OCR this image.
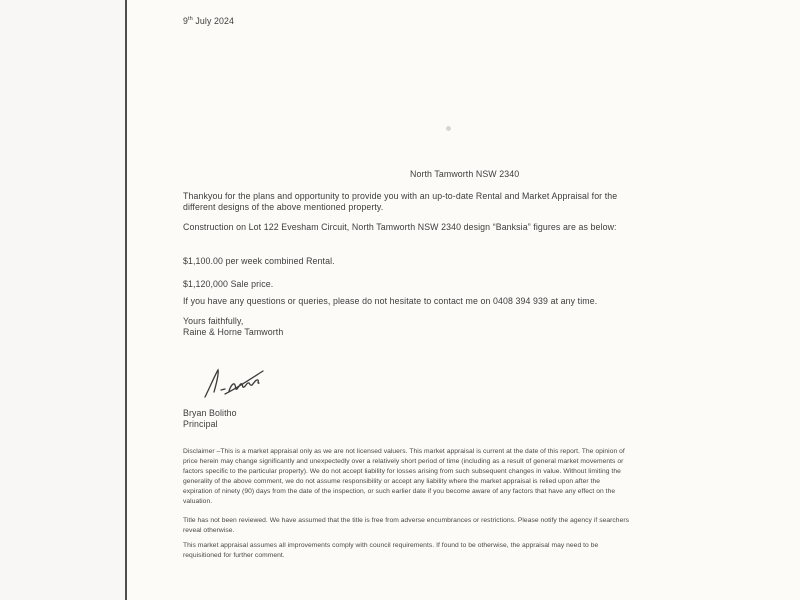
9th July 2024
North Tamworth NSW 2340
Thankyou for the plans and opportunity to provide you with an up-to-date Rental and Market Appraisal for the different designs of the above mentioned property.
Construction on Lot 122 Evesham Circuit, North Tamworth NSW 2340 design “Banksia” figures are as below:
$1,100.00 per week combined Rental.
$1,120,000 Sale price.
If you have any questions or queries, please do not hesitate to contact me on 0408 394 939 at any time.
Yours faithfully,
Raine & Horne Tamworth
Bryan Bolitho
Principal
Disclaimer –This is a market appraisal only as we are not licensed valuers. This market appraisal is current at the date of this report. The opinion of price herein may change significantly and unexpectedly over a relatively short period of time (including as a result of general market movements or factors specific to the particular property). We do not accept liability for losses arising from such subsequent changes in value. Without limiting the generality of the above comment, we do not assume responsibility or accept any liability where the market appraisal is relied upon after the expiration of ninety (90) days from the date of the inspection, or such earlier date if you become aware of any factors that have any effect on the valuation.
Title has not been reviewed. We have assumed that the title is free from adverse encumbrances or restrictions. Please notify the agency if searchers reveal otherwise.
This market appraisal assumes all improvements comply with council requirements. If found to be otherwise, the appraisal may need to be requisitioned for further comment.
